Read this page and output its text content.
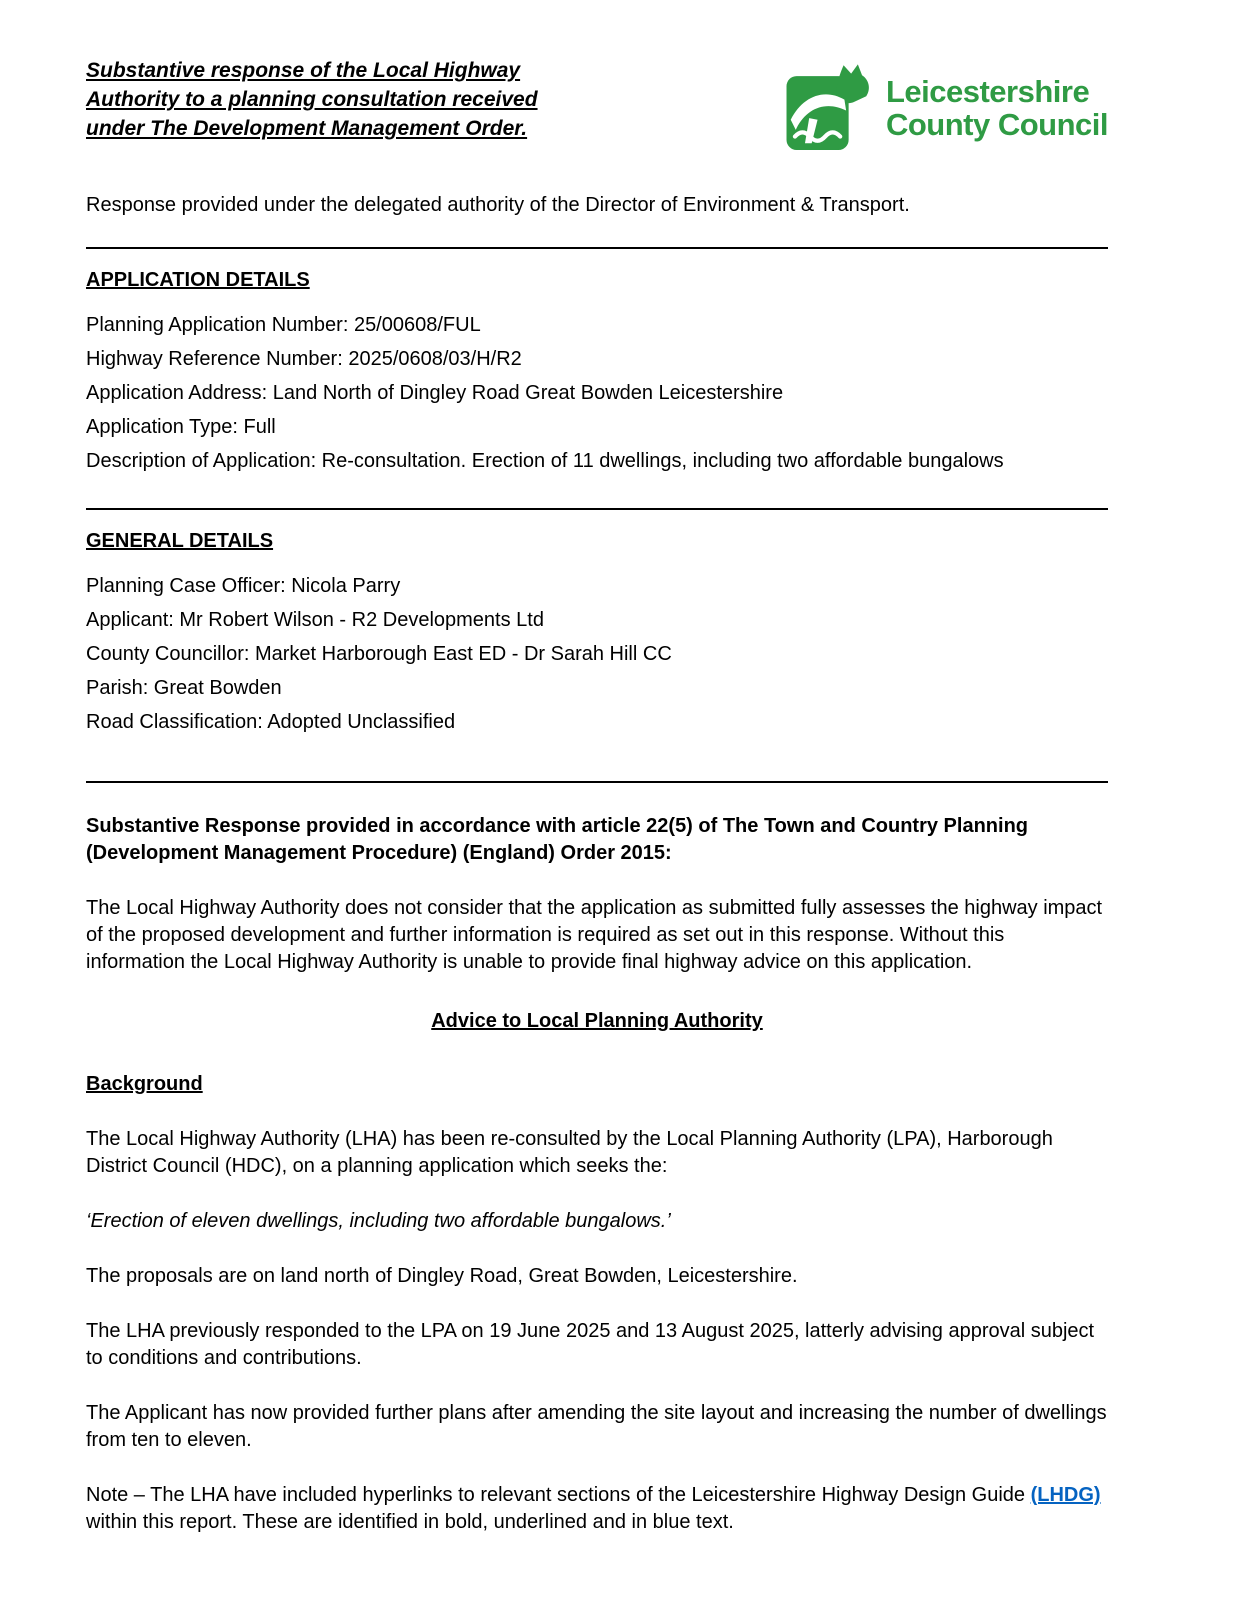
Substantive response of the Local Highway
Authority to a planning consultation received
under The Development Management Order.
Leicestershire
County Council

Response provided under the delegated authority of the Director of Environment & Transport.

APPLICATION DETAILS
Planning Application Number: 25/00608/FUL
Highway Reference Number: 2025/0608/03/H/R2
Application Address: Land North of Dingley Road Great Bowden Leicestershire
Application Type: Full
Description of Application: Re-consultation. Erection of 11 dwellings, including two affordable bungalows
GENERAL DETAILS
Planning Case Officer: Nicola Parry
Applicant: Mr Robert Wilson - R2 Developments Ltd
County Councillor: Market Harborough East ED - Dr Sarah Hill CC
Parish: Great Bowden
Road Classification: Adopted Unclassified

Substantive Response provided in accordance with article 22(5) of The Town and Country Planning (Development Management Procedure) (England) Order 2015:

The Local Highway Authority does not consider that the application as submitted fully assesses the highway impact of the proposed development and further information is required as set out in this response. Without this information the Local Highway Authority is unable to provide final highway advice on this application.

Advice to Local Planning Authority

Background

The Local Highway Authority (LHA) has been re-consulted by the Local Planning Authority (LPA), Harborough District Council (HDC), on a planning application which seeks the:

‘Erection of eleven dwellings, including two affordable bungalows.’

The proposals are on land north of Dingley Road, Great Bowden, Leicestershire.

The LHA previously responded to the LPA on 19 June 2025 and 13 August 2025, latterly advising approval subject to conditions and contributions.

The Applicant has now provided further plans after amending the site layout and increasing the number of dwellings from ten to eleven.

Note – The LHA have included hyperlinks to relevant sections of the Leicestershire Highway Design Guide (LHDG) within this report. These are identified in bold, underlined and in blue text.
